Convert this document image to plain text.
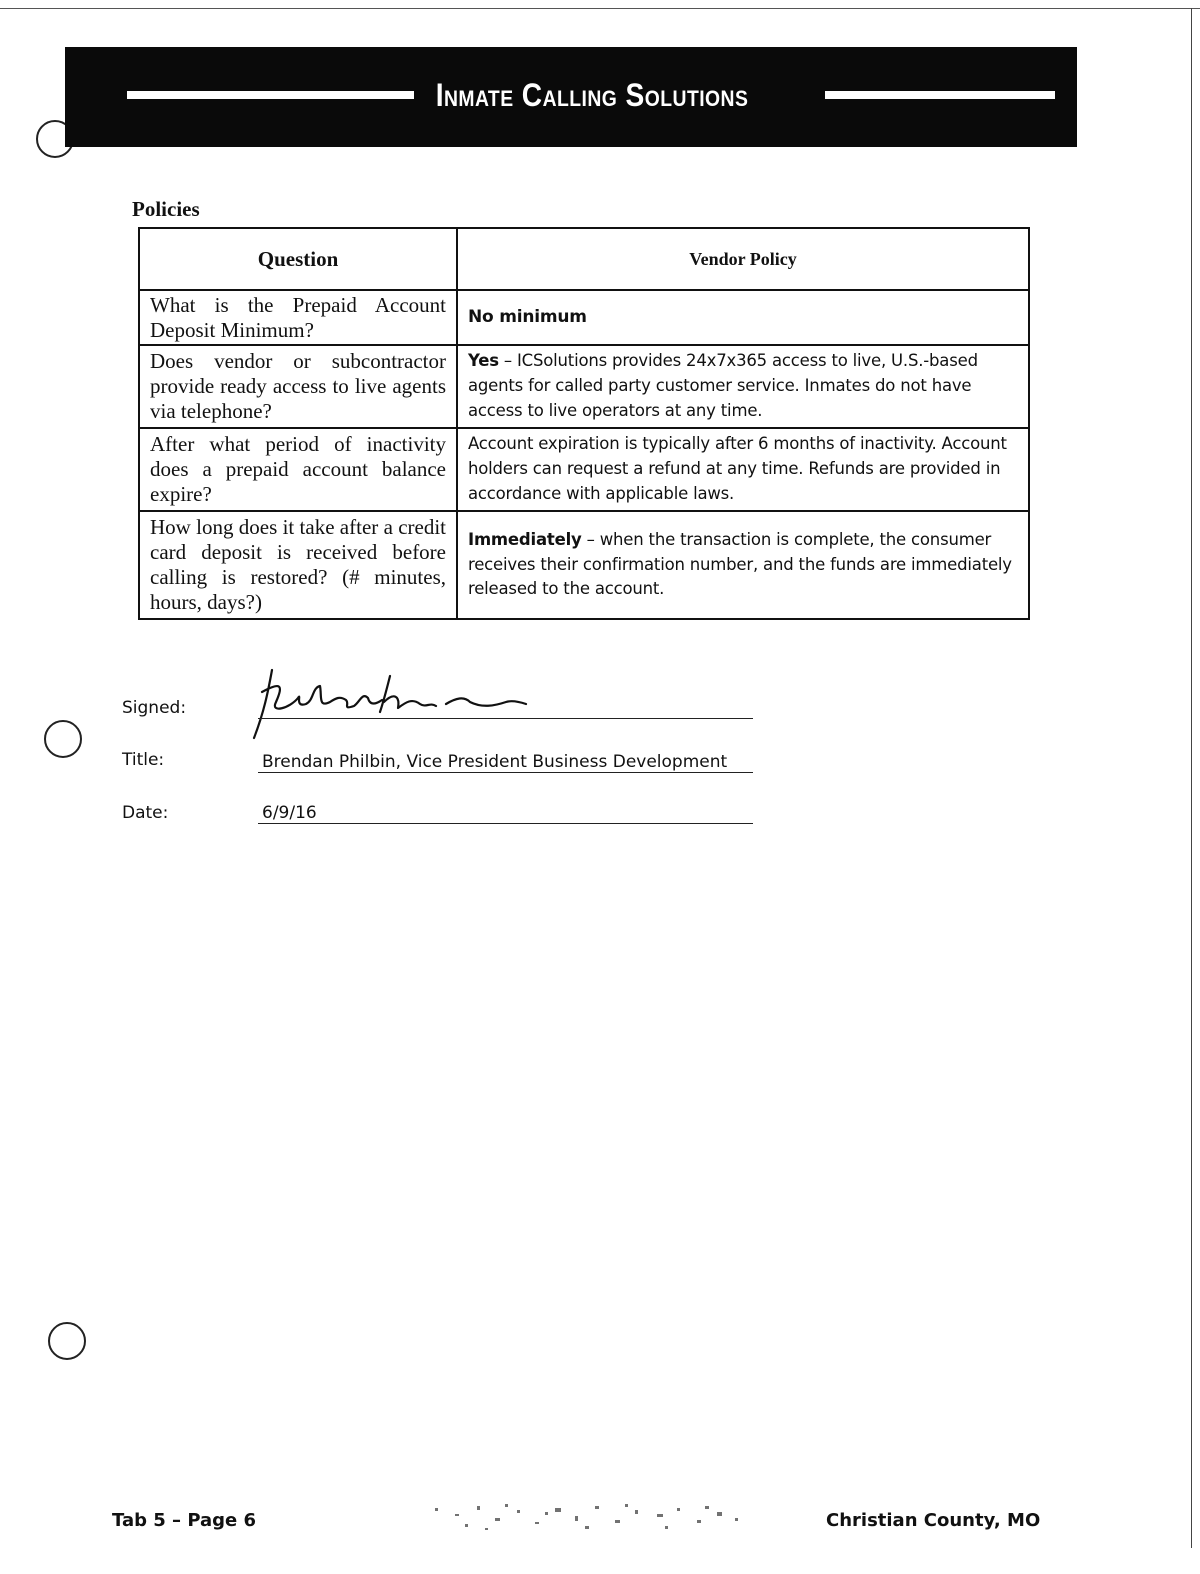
Inmate Calling Solutions
Policies
Question	Vendor Policy
What is the Prepaid Account Deposit Minimum?	No minimum
Does vendor or subcontractor provide ready access to live agents via telephone?	Yes – ICSolutions provides 24x7x365 access to live, U.S.-based agents for called party customer service. Inmates do not have access to live operators at any time.
After what period of inactivity does a prepaid account balance expire?	Account expiration is typically after 6 months of inactivity. Account holders can request a refund at any time. Refunds are provided in accordance with applicable laws.
How long does it take after a credit card deposit is received before calling is restored? (# minutes, hours, days?)	Immediately – when the transaction is complete, the consumer receives their confirmation number, and the funds are immediately released to the account.
Signed:
Title:	Brendan Philbin, Vice President Business Development
Date:	6/9/16
Tab 5 – Page 6	Christian County, MO
